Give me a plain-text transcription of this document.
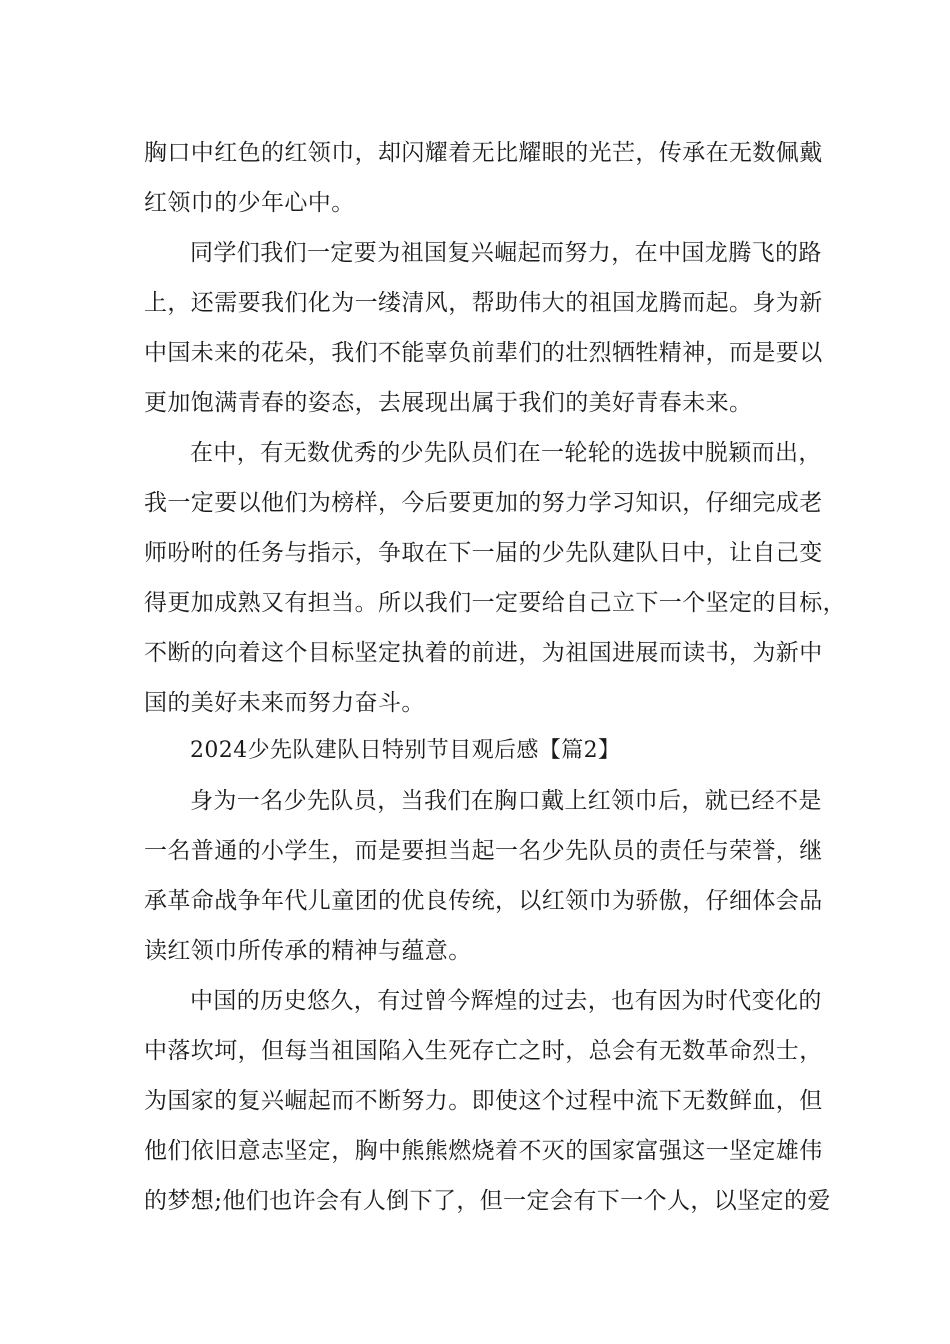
胸口中红色的红领巾，却闪耀着无比耀眼的光芒，传承在无数佩戴
红领巾的少年心中。
同学们我们一定要为祖国复兴崛起而努力，在中国龙腾飞的路
上，还需要我们化为一缕清风，帮助伟大的祖国龙腾而起。身为新
中国未来的花朵，我们不能辜负前辈们的壮烈牺牲精神，而是要以
更加饱满青春的姿态，去展现出属于我们的美好青春未来。
在中，有无数优秀的少先队员们在一轮轮的选拔中脱颖而出，
我一定要以他们为榜样，今后要更加的努力学习知识，仔细完成老
师吩咐的任务与指示，争取在下一届的少先队建队日中，让自己变
得更加成熟又有担当。所以我们一定要给自己立下一个坚定的目标，
不断的向着这个目标坚定执着的前进，为祖国进展而读书，为新中
国的美好未来而努力奋斗。
2024少先队建队日特别节目观后感【篇2】
身为一名少先队员，当我们在胸口戴上红领巾后，就已经不是
一名普通的小学生，而是要担当起一名少先队员的责任与荣誉，继
承革命战争年代儿童团的优良传统，以红领巾为骄傲，仔细体会品
读红领巾所传承的精神与蕴意。
中国的历史悠久，有过曾今辉煌的过去，也有因为时代变化的
中落坎坷，但每当祖国陷入生死存亡之时，总会有无数革命烈士，
为国家的复兴崛起而不断努力。即使这个过程中流下无数鲜血，但
他们依旧意志坚定，胸中熊熊燃烧着不灭的国家富强这一坚定雄伟
的梦想;他们也许会有人倒下了，但一定会有下一个人，以坚定的爱
